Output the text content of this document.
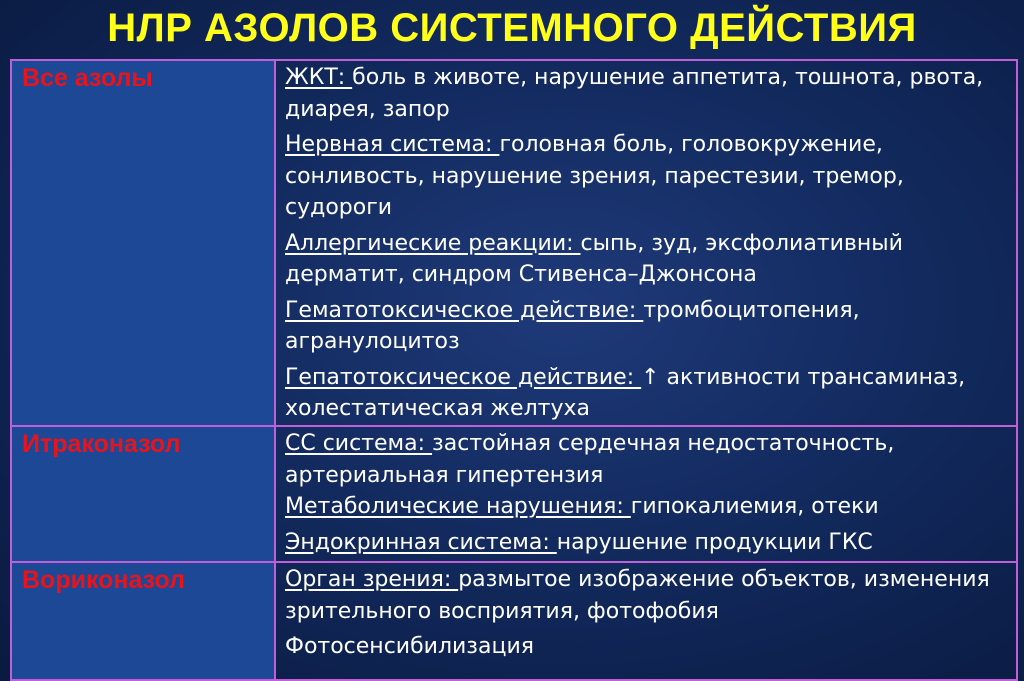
НЛР АЗОЛОВ СИСТЕМНОГО ДЕЙСТВИЯ
Все азолы	ЖКТ: боль в животе, нарушение аппетита, тошнота, рвота, диарея, запор
Нервная система: головная боль, головокружение, сонливость, нарушение зрения, парестезии, тремор, судороги
Аллергические реакции: сыпь, зуд, эксфолиативный дерматит, синдром Стивенса–Джонсона
Гематотоксическое действие: тромбоцитопения, агранулоцитоз
Гепатотоксическое действие: ↑ активности трансаминаз, холестатическая желтуха

Итраконазол	СС система: застойная сердечная недостаточность, артериальная гипертензия
Метаболические нарушения: гипокалиемия, отеки
Эндокринная система: нарушение продукции ГКС

Вориконазол	Орган зрения: размытое изображение объектов, изменения зрительного восприятия, фотофобия
Фотосенсибилизация
